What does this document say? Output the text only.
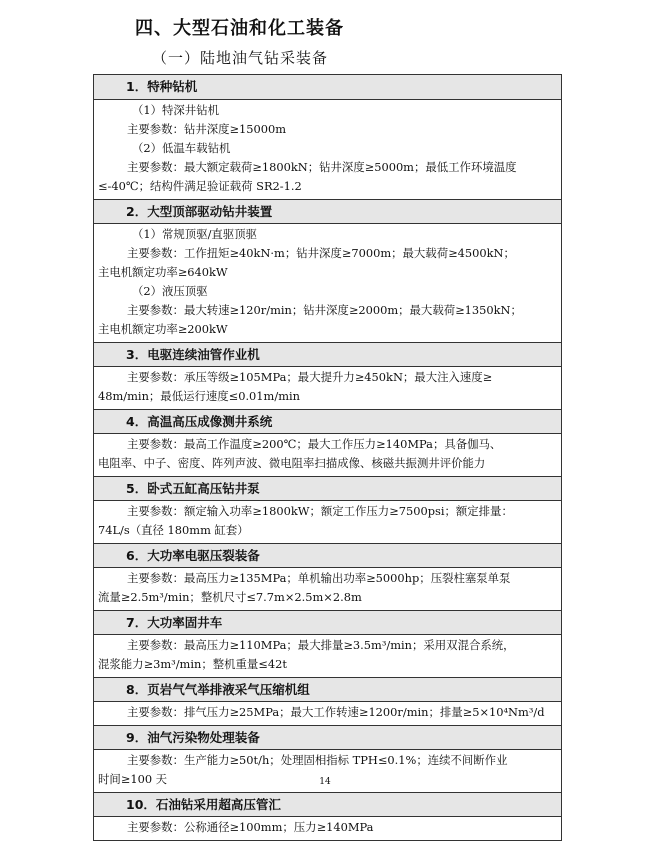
四、大型石油和化工装备
（一）陆地油气钻采装备
1．特种钻机
（1）特深井钻机
主要参数：钻井深度≥15000m
（2）低温车载钻机
主要参数：最大额定载荷≥1800kN；钻井深度≥5000m；最低工作环境温度
≤-40℃；结构件满足验证载荷 SR2-1.2
2．大型顶部驱动钻井装置
（1）常规顶驱/直驱顶驱
主要参数：工作扭矩≥40kN·m；钻井深度≥7000m；最大载荷≥4500kN；
主电机额定功率≥640kW
（2）液压顶驱
主要参数：最大转速≥120r/min；钻井深度≥2000m；最大载荷≥1350kN；
主电机额定功率≥200kW
3．电驱连续油管作业机
主要参数：承压等级≥105MPa；最大提升力≥450kN；最大注入速度≥
48m/min；最低运行速度≤0.01m/min
4．高温高压成像测井系统
主要参数：最高工作温度≥200℃；最大工作压力≥140MPa；具备伽马、
电阻率、中子、密度、阵列声波、微电阻率扫描成像、核磁共振测井评价能力
5．卧式五缸高压钻井泵
主要参数：额定输入功率≥1800kW；额定工作压力≥7500psi；额定排量：
74L/s（直径 180mm 缸套）
6．大功率电驱压裂装备
主要参数：最高压力≥135MPa；单机输出功率≥5000hp；压裂柱塞泵单泵
流量≥2.5m³/min；整机尺寸≤7.7m×2.5m×2.8m
7．大功率固井车
主要参数：最高压力≥110MPa；最大排量≥3.5m³/min；采用双混合系统，
混浆能力≥3m³/min；整机重量≤42t
8．页岩气气举排液采气压缩机组
主要参数：排气压力≥25MPa；最大工作转速≥1200r/min；排量≥5×10⁴Nm³/d
9．油气污染物处理装备
主要参数：生产能力≥50t/h；处理固相指标 TPH≤0.1%；连续不间断作业
时间≥100 天
10．石油钻采用超高压管汇
主要参数：公称通径≥100mm；压力≥140MPa
14
